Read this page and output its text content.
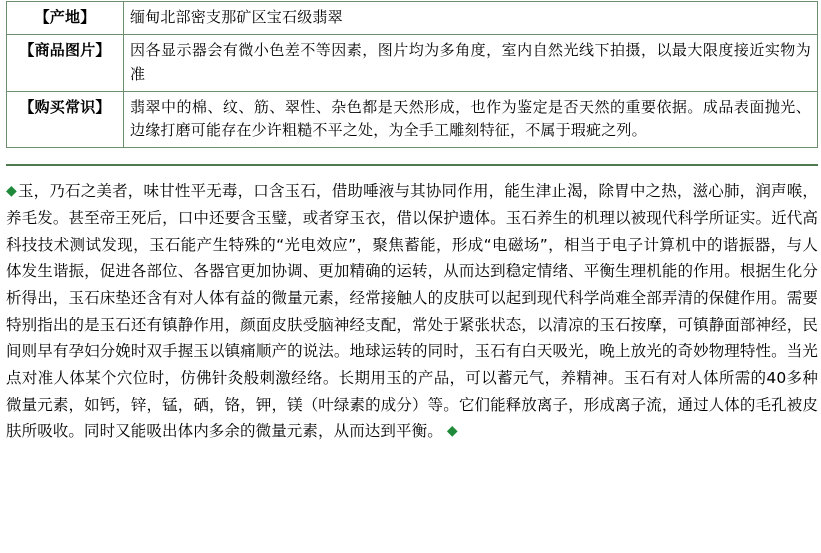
【产地】	缅甸北部密支那矿区宝石级翡翠
【商品图片】	因各显示器会有微小色差不等因素，图片均为多角度，室内自然光线下拍摄，以最大限度接近实物为准
【购买常识】	翡翠中的棉、纹、筋、翠性、杂色都是天然形成，也作为鉴定是否天然的重要依据。成品表面抛光、边缘打磨可能存在少许粗糙不平之处，为全手工雕刻特征，不属于瑕疵之列。
◆玉，乃石之美者，味甘性平无毒，口含玉石，借助唾液与其协同作用，能生津止渴，除胃中之热，滋心肺，润声喉，养毛发。甚至帝王死后，口中还要含玉璧，或者穿玉衣，借以保护遗体。玉石养生的机理以被现代科学所证实。近代高科技技术测试发现，玉石能产生特殊的“光电效应”，聚焦蓄能，形成“电磁场”，相当于电子计算机中的谐振器，与人体发生谐振，促进各部位、各器官更加协调、更加精确的运转，从而达到稳定情绪、平衡生理机能的作用。根据生化分析得出，玉石床垫还含有对人体有益的微量元素，经常接触人的皮肤可以起到现代科学尚难全部弄清的保健作用。需要特别指出的是玉石还有镇静作用，颜面皮肤受脑神经支配，常处于紧张状态，以清凉的玉石按摩，可镇静面部神经，民间则早有孕妇分娩时双手握玉以镇痛顺产的说法。地球运转的同时，玉石有白天吸光，晚上放光的奇妙物理特性。当光点对准人体某个穴位时，仿佛针灸般刺激经络。长期用玉的产品，可以蓄元气，养精神。玉石有对人体所需的40多种微量元素，如钙，锌，锰，硒，铬，钾，镁（叶绿素的成分）等。它们能释放离子，形成离子流，通过人体的毛孔被皮肤所吸收。同时又能吸出体内多余的微量元素，从而达到平衡。 ◆
